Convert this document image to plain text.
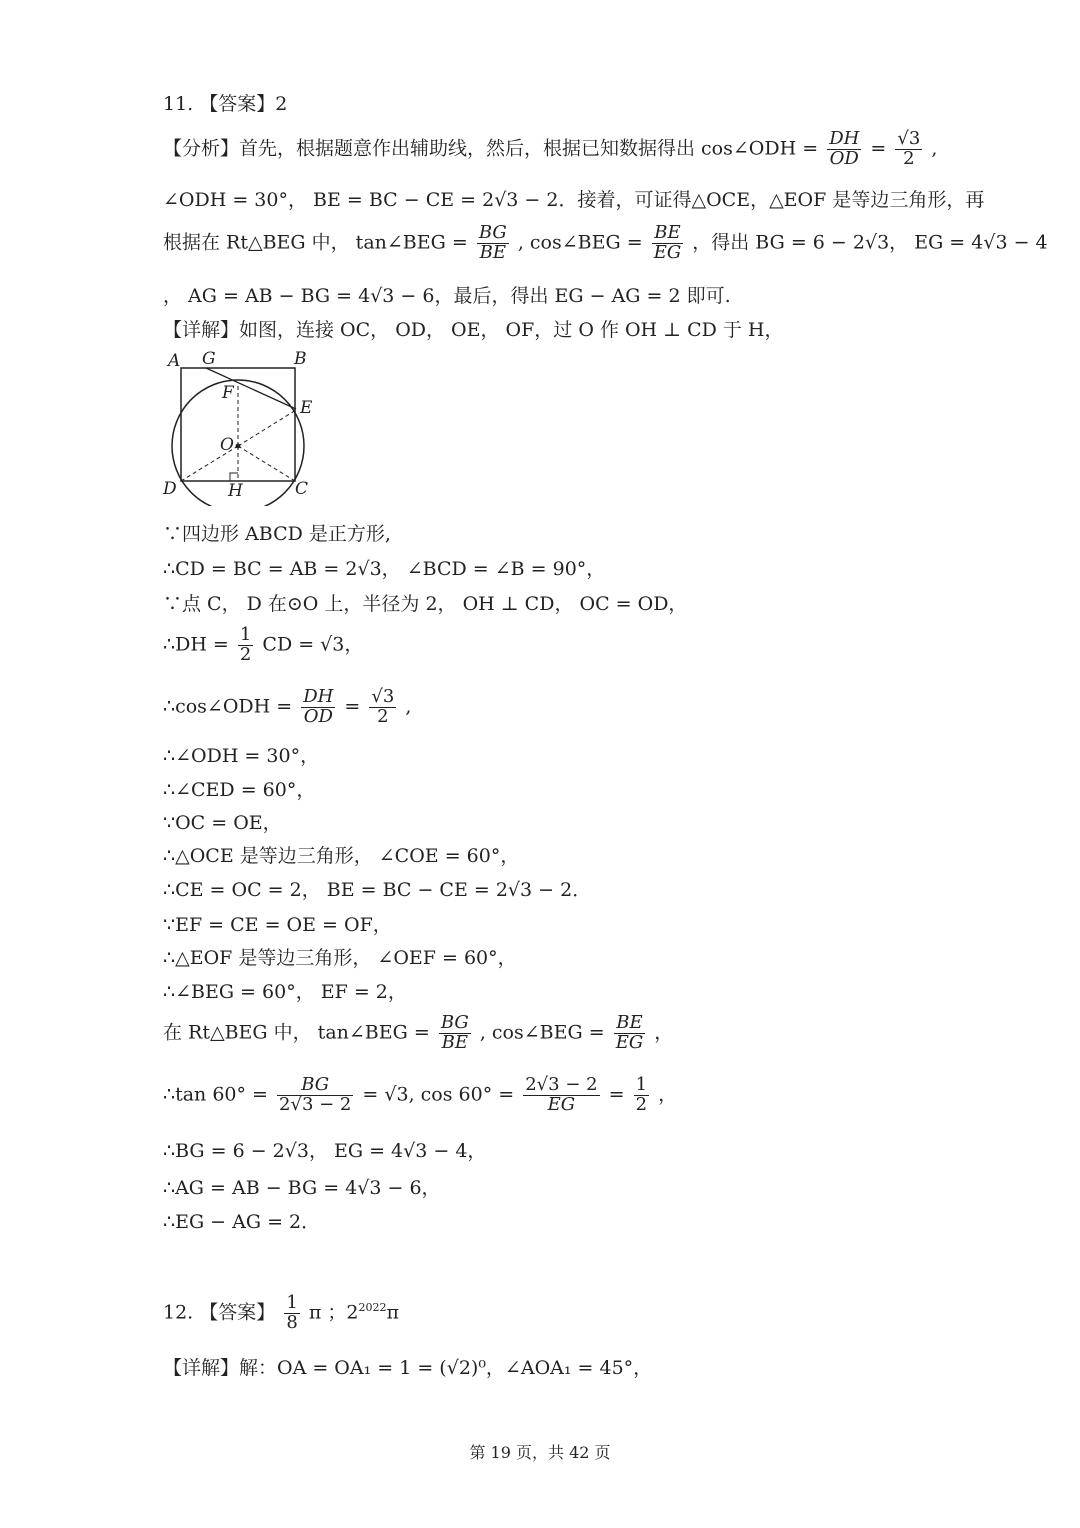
11. 【答案】2
【分析】首先，根据题意作出辅助线，然后，根据已知数据得出 cos∠ODH = $\frac{DH}{OD} = \frac{√3}{2}$ ,
∠ODH = 30°， BE = BC − CE = 2√3 − 2．接着，可证得△OCE，△EOF 是等边三角形，再
根据在 Rt△BEG 中， tan∠BEG = $\frac{BG}{BE}$ , cos∠BEG = $\frac{BE}{EG}$ ，得出 BG = 6 − 2√3， EG = 4√3 − 4
， AG = AB − BG = 4√3 − 6，最后，得出 EG − AG = 2 即可.
【详解】如图，连接 OC， OD， OE， OF，过 O 作 OH ⊥ CD 于 H，
A G	B
F
E
O
D	H	C
∵四边形 ABCD 是正方形,
∴CD = BC = AB = 2√3， ∠BCD = ∠B = 90°，
∵点 C， D 在⊙O 上，半径为 2， OH ⊥ CD， OC = OD，
∴DH = $\frac{1}{2}$ CD = √3，
∴cos∠ODH = $\frac{DH}{OD} = \frac{√3}{2}$ ,
∴∠ODH = 30°，
∴∠CED = 60°，
∵OC = OE，
∴△OCE 是等边三角形， ∠COE = 60°，
∴CE = OC = 2， BE = BC − CE = 2√3 − 2．
∵EF = CE = OE = OF，
∴△EOF 是等边三角形， ∠OEF = 60°，
∴∠BEG = 60°， EF = 2，
在 Rt△BEG 中， tan∠BEG = $\frac{BG}{BE}$ , cos∠BEG = $\frac{BE}{EG}$ ，
∴tan $60^\circ = \frac{BG}{2√3 - 2} = √3$, $\cos 60^\circ = \frac{2√3 - 2}{EG} = \frac{1}{2}$ ，
∴BG = 6 − 2√3， EG = 4√3 − 4，
∴AG = AB − BG = 4√3 − 6，
∴EG − AG = 2．
12. 【答案】 $\frac{1}{8}$ π ；$2^{2022}\pi$
【详解】解：OA = OA₁ = 1 = (√2)⁰，∠AOA₁ = 45°，
第 19 页，共 42 页
